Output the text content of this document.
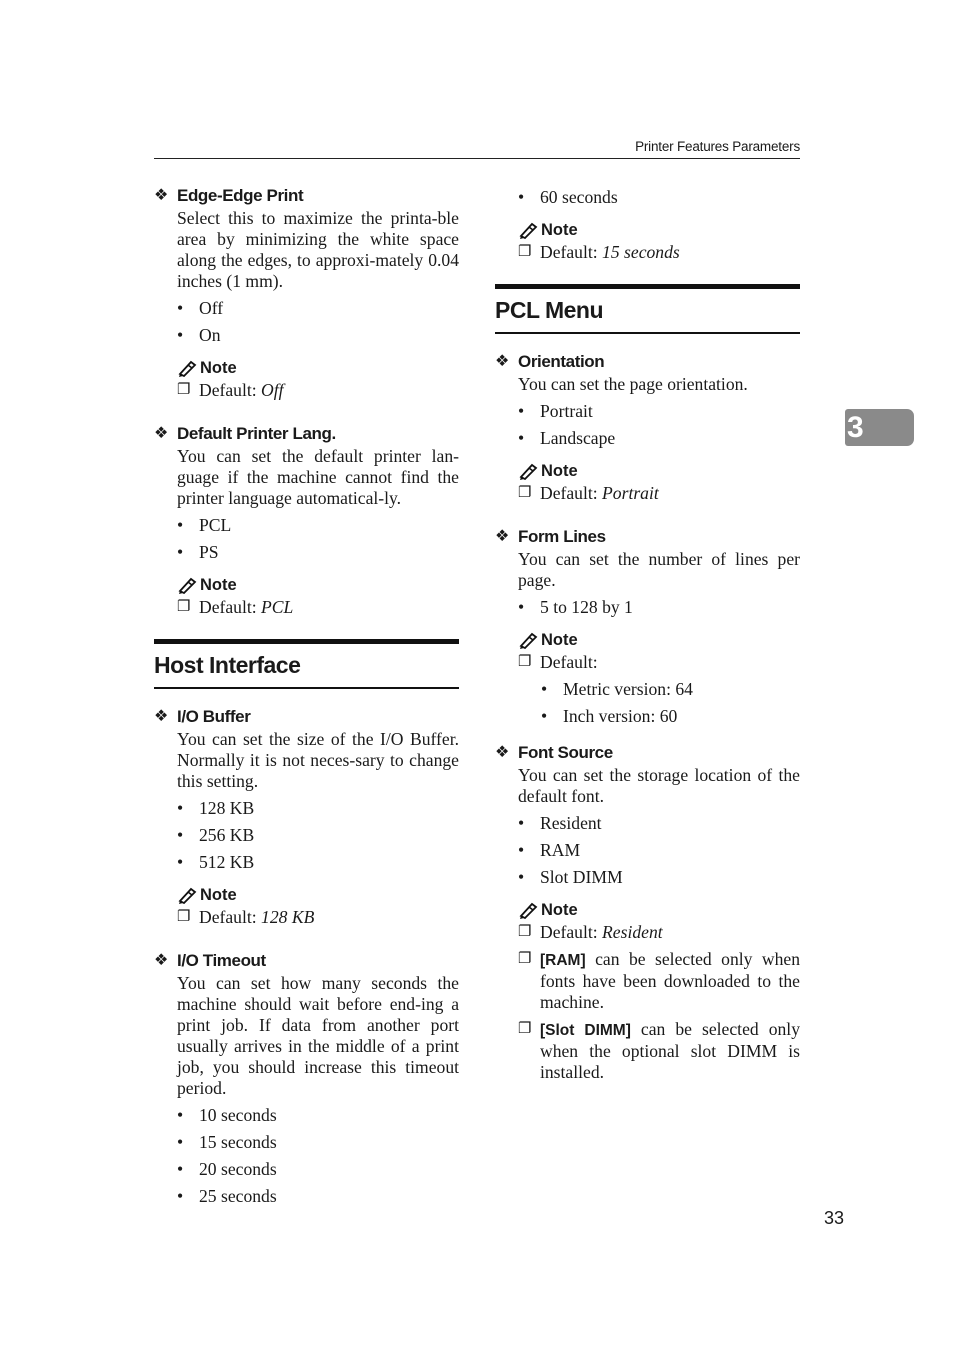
Printer Features Parameters
3
33
❖ Edge-Edge Print
Select this to maximize the printa-ble area by minimizing the white space along the edges, to approxi-mately 0.04 inches (1 mm).
• Off
• On
Note
❐ Default: Off
❖ Default Printer Lang.
You can set the default printer lan-guage if the machine cannot find the printer language automatical-ly.
• PCL
• PS
Note
❐ Default: PCL
Host Interface
❖ I/O Buffer
You can set the size of the I/O Buffer. Normally it is not neces-sary to change this setting.
• 128 KB
• 256 KB
• 512 KB
Note
❐ Default: 128 KB
❖ I/O Timeout
You can set how many seconds the machine should wait before end-ing a print job. If data from another port usually arrives in the middle of a print job, you should increase this timeout period.
• 10 seconds
• 15 seconds
• 20 seconds
• 25 seconds
• 60 seconds
Note
❐ Default: 15 seconds
PCL Menu
❖ Orientation
You can set the page orientation.
• Portrait
• Landscape
Note
❐ Default: Portrait
❖ Form Lines
You can set the number of lines per page.
• 5 to 128 by 1
Note
❐ Default:
• Metric version: 64
• Inch version: 60
❖ Font Source
You can set the storage location of the default font.
• Resident
• RAM
• Slot DIMM
Note
❐ Default: Resident
❐ [RAM] can be selected only when fonts have been downloaded to the machine.
❐ [Slot DIMM] can be selected only when the optional slot DIMM is installed.
